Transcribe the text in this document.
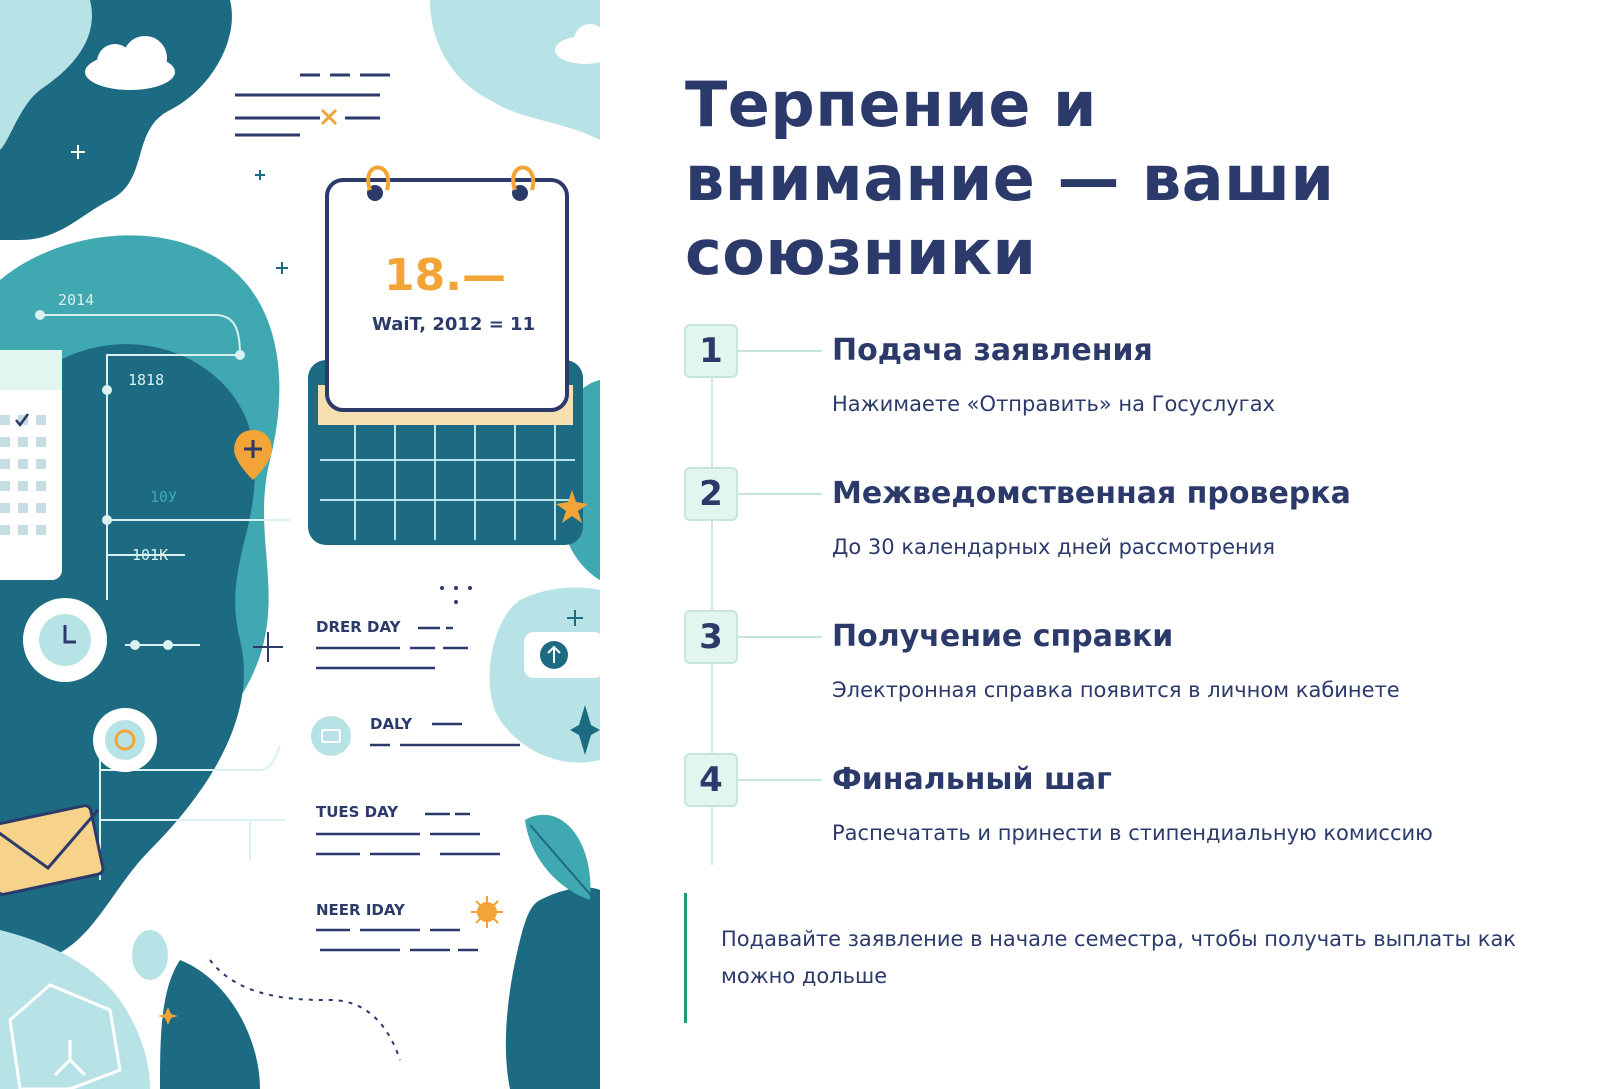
18.—
WaiT, 2012 = 11
2014
1818
10У
101K
DRER DAY
DALY
TUES DAY
NEER IDAY
Терпение и внимание — ваши союзники
1	Подача заявления
Нажимаете «Отправить» на Госуслугах
2	Межведомственная проверка
До 30 календарных дней рассмотрения
3	Получение справки
Электронная справка появится в личном кабинете
4	Финальный шаг
Распечатать и принести в стипендиальную комиссию
Подавайте заявление в начале семестра, чтобы получать выплаты как можно дольше
